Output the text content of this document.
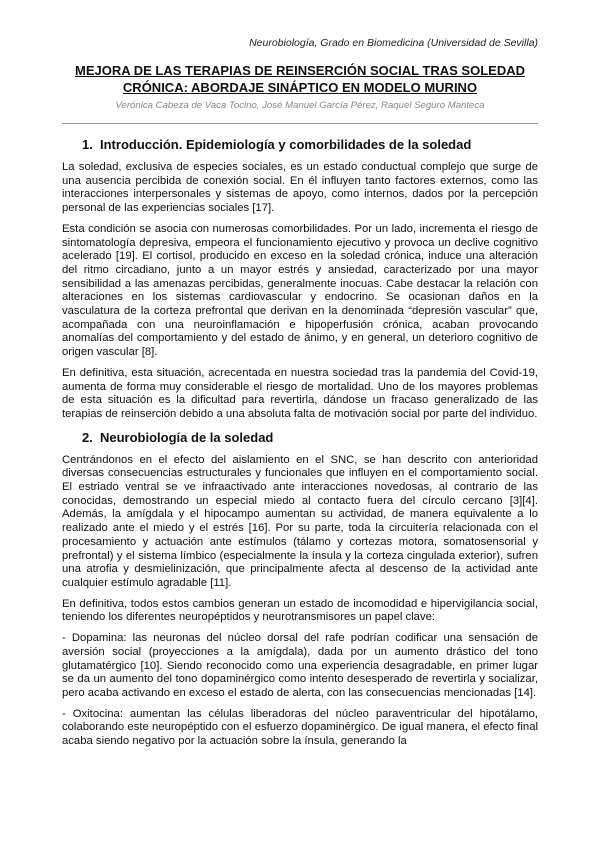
Neurobiología, Grado en Biomedicina (Universidad de Sevilla)
MEJORA DE LAS TERAPIAS DE REINSERCIÓN SOCIAL TRAS SOLEDAD CRÓNICA: ABORDAJE SINÁPTICO EN MODELO MURINO
Verónica Cabeza de Vaca Tocino, José Manuel García Pérez, Raquel Seguro Manteca
1. Introducción. Epidemiología y comorbilidades de la soledad

La soledad, exclusiva de especies sociales, es un estado conductual complejo que surge de una ausencia percibida de conexión social. En él influyen tanto factores externos, como las interacciones interpersonales y sistemas de apoyo, como internos, dados por la percepción personal de las experiencias sociales [17].

Esta condición se asocia con numerosas comorbilidades. Por un lado, incrementa el riesgo de sintomatología depresiva, empeora el funcionamiento ejecutivo y provoca un declive cognitivo acelerado [19]. El cortisol, producido en exceso en la soledad crónica, induce una alteración del ritmo circadiano, junto a un mayor estrés y ansiedad, caracterizado por una mayor sensibilidad a las amenazas percibidas, generalmente inocuas. Cabe destacar la relación con alteraciones en los sistemas cardiovascular y endocrino. Se ocasionan daños en la vasculatura de la corteza prefrontal que derivan en la denominada “depresión vascular” que, acompañada con una neuroinflamación e hipoperfusión crónica, acaban provocando anomalías del comportamiento y del estado de ánimo, y en general, un deterioro cognitivo de origen vascular [8].

En definitiva, esta situación, acrecentada en nuestra sociedad tras la pandemia del Covid-19, aumenta de forma muy considerable el riesgo de mortalidad. Uno de los mayores problemas de esta situación es la dificultad para revertirla, dándose un fracaso generalizado de las terapias de reinserción debido a una absoluta falta de motivación social por parte del individuo.

2. Neurobiología de la soledad

Centrándonos en el efecto del aislamiento en el SNC, se han descrito con anterioridad diversas consecuencias estructurales y funcionales que influyen en el comportamiento social. El estriado ventral se ve infraactivado ante interacciones novedosas, al contrario de las conocidas, demostrando un especial miedo al contacto fuera del círculo cercano [3][4]. Además, la amígdala y el hipocampo aumentan su actividad, de manera equivalente a lo realizado ante el miedo y el estrés [16]. Por su parte, toda la circuitería relacionada con el procesamiento y actuación ante estímulos (tálamo y cortezas motora, somatosensorial y prefrontal) y el sistema límbico (especialmente la ínsula y la corteza cingulada exterior), sufren una atrofia y desmielinización, que principalmente afecta al descenso de la actividad ante cualquier estímulo agradable [11].

En definitiva, todos estos cambios generan un estado de incomodidad e hipervigilancia social, teniendo los diferentes neuropéptidos y neurotransmisores un papel clave:

- Dopamina: las neuronas del núcleo dorsal del rafe podrían codificar una sensación de aversión social (proyecciones a la amígdala), dada por un aumento drástico del tono glutamatérgico [10]. Siendo reconocido como una experiencia desagradable, en primer lugar se da un aumento del tono dopaminérgico como intento desesperado de revertirla y socializar, pero acaba activando en exceso el estado de alerta, con las consecuencias mencionadas [14].

- Oxitocina: aumentan las células liberadoras del núcleo paraventricular del hipotálamo, colaborando este neuropéptido con el esfuerzo dopaminérgico. De igual manera, el efecto final acaba siendo negativo por la actuación sobre la ínsula, generando la
